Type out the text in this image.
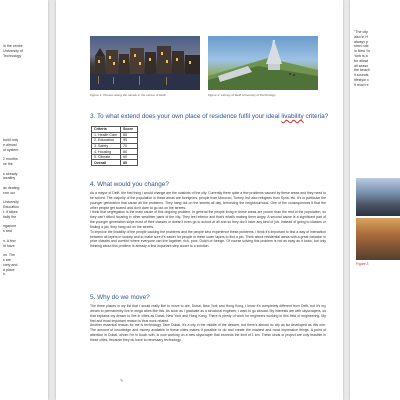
in the centre
University of
Technology
build only
e almost
ut system
2 months
ve the
s already
wealthy
as dealing
rom our
University
Education
t. It takes
tially the
ngapore
s and
n. A few
ld have
on. The
s are
ciety and
d place
s.
Figure 1: Houses along the canals in the centre of Delft	Figure 2: Library of Delft University of Technology
3. To what extend does your own place of residence fulfil your ideal livability criteria?
Criteria	Score
1. Health Care	85
2. Education	95
3. Safety	70
4. Housing	80
5. Climate	60
Overall	85
4. What would you change?
As a mayor of Delft, the first thing I would change are the outskirts of the city. Currently there quite a few problems caused by these areas and they need to be solved. The majority of the population in these areas are foreigners, people from Morocco, Turkey, but also refugees from Syria, etc. It's in particular the younger generation that cause all the problems. They hang out on the streets all day, terrorizing the neighbourhood. One of the consequences it that the other people get scared and don't dare to go out on the streets.
I think that segregation is the main cause of this ongoing problem. In general the people living in these areas are poorer than the rest of the population, so they can't afford housing in other wealthier parts of the city. They feel inferior and that's what's making them angry. A second cause is a significant part of the younger generation skips most of their classes or doesn't even go to school at all and so they don't have any kind of job. Instead of going to classes or finding a job, they hang out on the streets.
To improve the livability of the people causing the problems and the people who experience these problems, I think it's important to find a way of interaction between all layers in society and to make sure it's easier for people in these lower layers to find a job. Think about residential areas with a great variation in price classes and comfort where everyone can live together, rich, poor, Dutch or foreign. Of course solving this problem is not as easy as it looks, but only thinking about this problem is already a first important step closer to a solution.
5. Why do we move?
The three places in my list that I would really like to move to are, Dubai, New York and Hong Kong. I know it's completely different from Delft, but it's my dream to permanently live in mega cities like this. As soon as I graduate as a structural engineer, I want to go abroad. My interests are with skyscrapers, so that explains my dream to live in cities as Dubai, New York and Hong Kong. There is plenty of work for engineers working in this field of engineering. My first and most important reason is thus work-related.
Another essential reason for me is technology. Take Dubai, it's a city in the middle of the dessert, but there's almost no city as far developed as this one. The amount of knowledge and money available in these cities makes it possible to do and create the craziest and most impressive things. A point of attention in Dubai, whom I'm in touch with, is now working on a new skyscraper that exceeds the limit of 1 km. These kinds of project are only feasible in these cities, because they do have to necessary technology.
✎
"The city
also in H
always p
strict rule
in New Yo
York is a
for allowi
all seaso
the beach
it sounds
lifestyle c
lt much e
Figure 3
